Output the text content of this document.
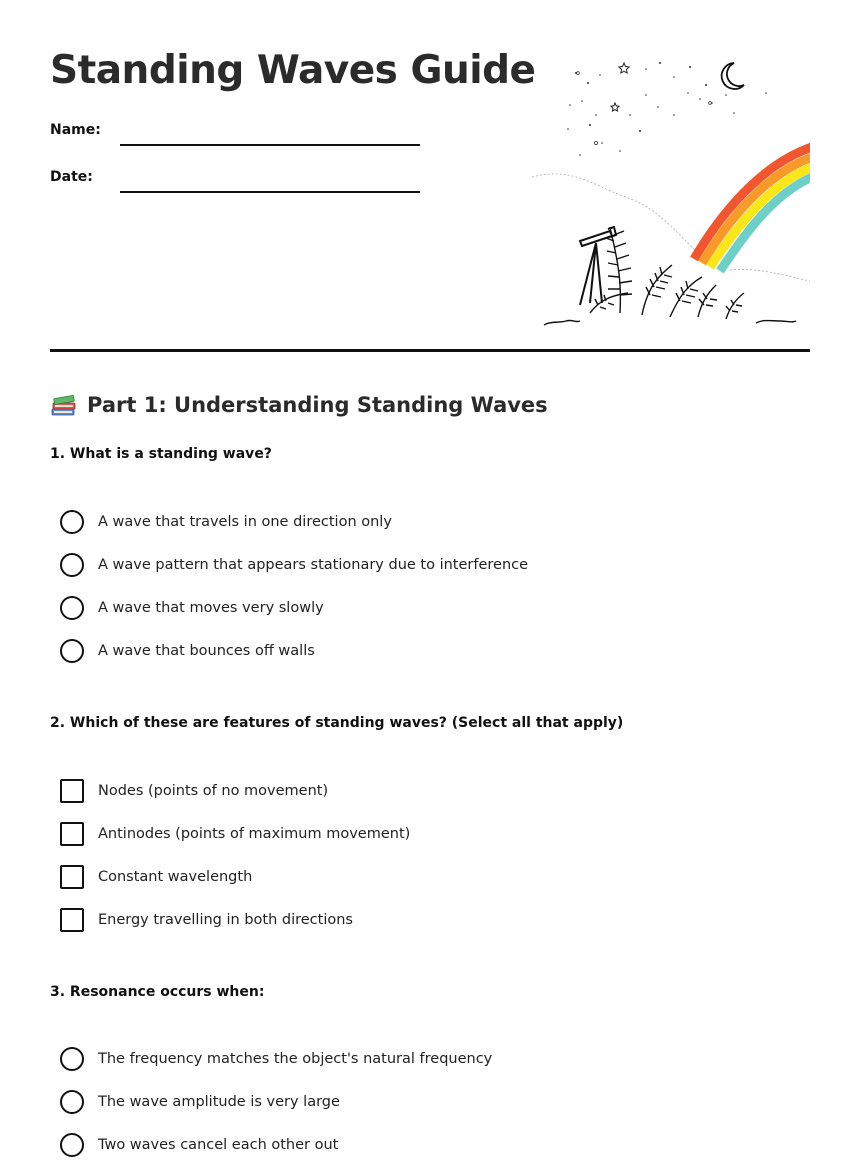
Standing Waves Guide
Name:
Date:
Part 1: Understanding Standing Waves
1. What is a standing wave?
A wave that travels in one direction only
A wave pattern that appears stationary due to interference
A wave that moves very slowly
A wave that bounces off walls
2. Which of these are features of standing waves? (Select all that apply)
Nodes (points of no movement)
Antinodes (points of maximum movement)
Constant wavelength
Energy travelling in both directions
3. Resonance occurs when:
The frequency matches the object's natural frequency
The wave amplitude is very large
Two waves cancel each other out
